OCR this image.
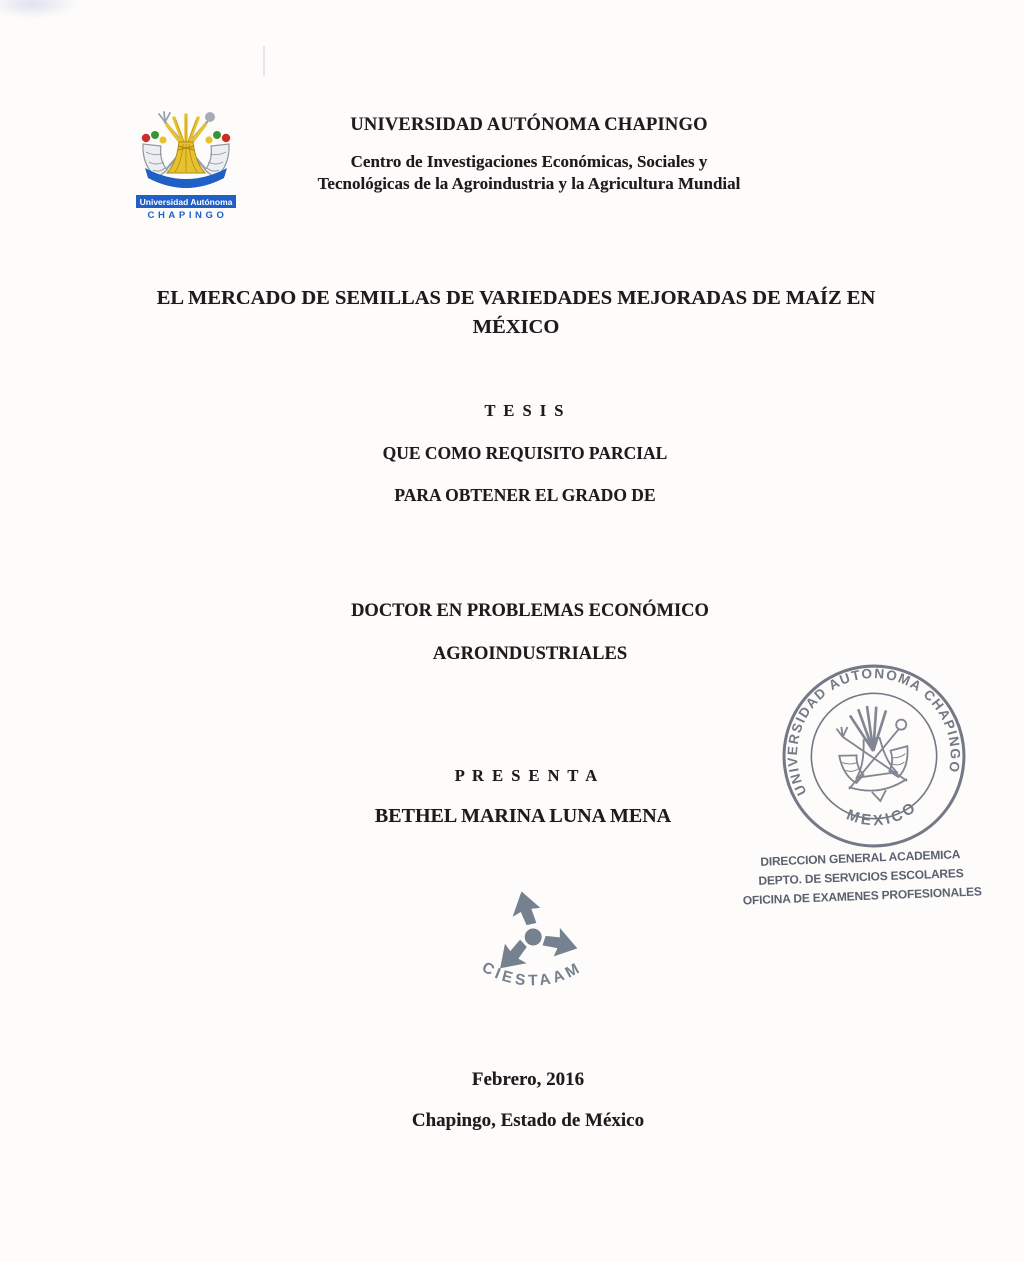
Universidad Autónoma
CHAPINGO
UNIVERSIDAD AUTÓNOMA CHAPINGO
Centro de Investigaciones Económicas, Sociales y
Tecnológicas de la Agroindustria y la Agricultura Mundial
EL MERCADO DE SEMILLAS DE VARIEDADES MEJORADAS DE MAÍZ EN
MÉXICO
T E S I S
QUE COMO REQUISITO PARCIAL
PARA OBTENER EL GRADO DE
DOCTOR EN PROBLEMAS ECONÓMICO
AGROINDUSTRIALES
P R E S E N T A
BETHEL MARINA LUNA MENA
UNIVERSIDAD AUTONOMA CHAPINGO
MEXICO
DIRECCION GENERAL ACADEMICA
DEPTO. DE SERVICIOS ESCOLARES
OFICINA DE EXAMENES PROFESIONALES
CIESTAAM
Febrero, 2016
Chapingo, Estado de México
